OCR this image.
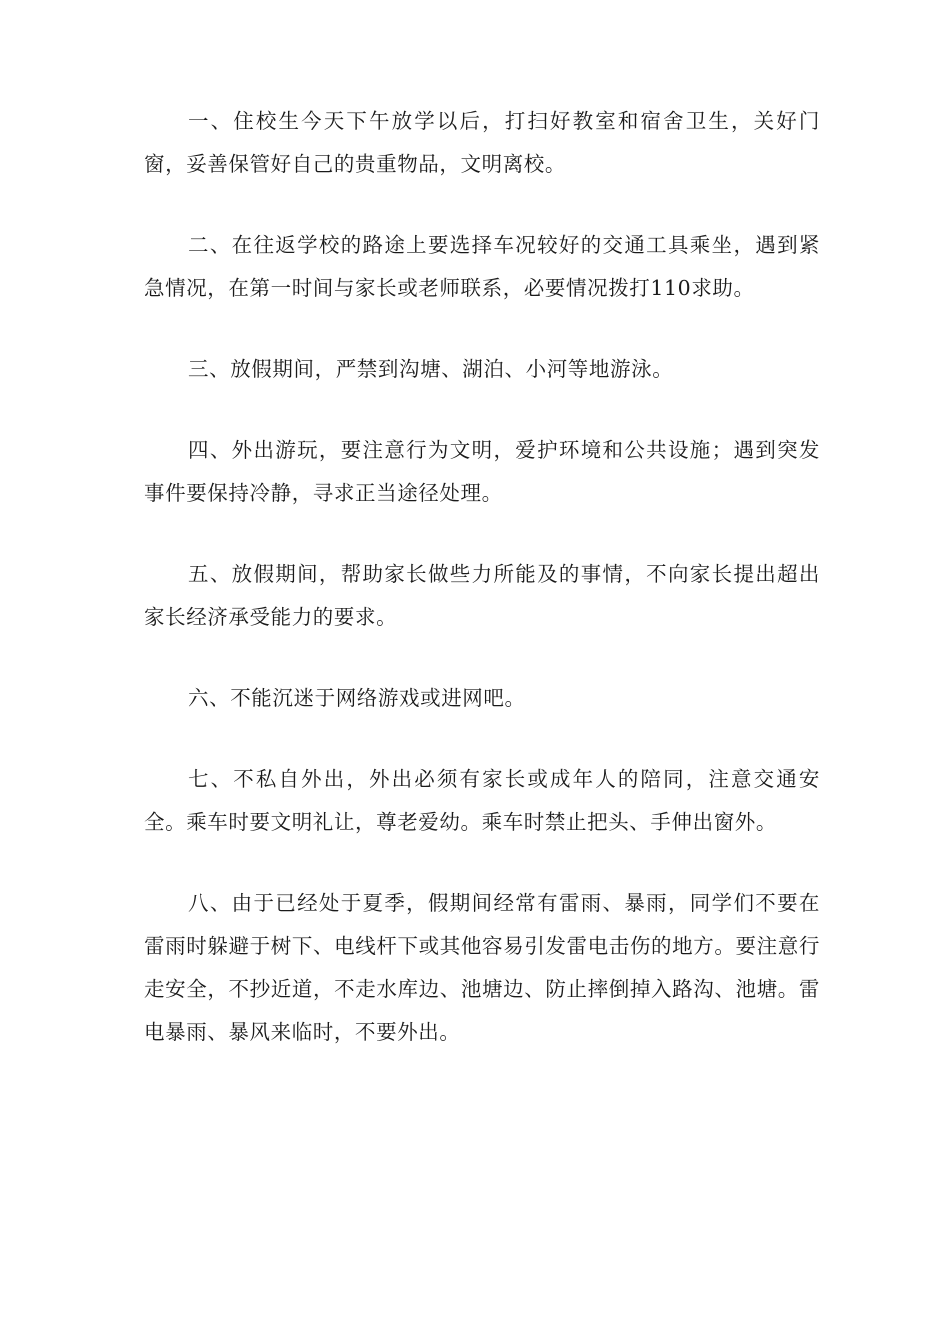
一、住校生今天下午放学以后，打扫好教室和宿舍卫生，关好门窗，妥善保管好自己的贵重物品，文明离校。

二、在往返学校的路途上要选择车况较好的交通工具乘坐，遇到紧急情况，在第一时间与家长或老师联系，必要情况拨打110求助。

三、放假期间，严禁到沟塘、湖泊、小河等地游泳。

四、外出游玩，要注意行为文明，爱护环境和公共设施；遇到突发事件要保持冷静，寻求正当途径处理。

五、放假期间，帮助家长做些力所能及的事情，不向家长提出超出家长经济承受能力的要求。

六、不能沉迷于网络游戏或进网吧。

七、不私自外出，外出必须有家长或成年人的陪同，注意交通安全。乘车时要文明礼让，尊老爱幼。乘车时禁止把头、手伸出窗外。

八、由于已经处于夏季，假期间经常有雷雨、暴雨，同学们不要在雷雨时躲避于树下、电线杆下或其他容易引发雷电击伤的地方。要注意行走安全，不抄近道，不走水库边、池塘边、防止摔倒掉入路沟、池塘。雷电暴雨、暴风来临时，不要外出。
